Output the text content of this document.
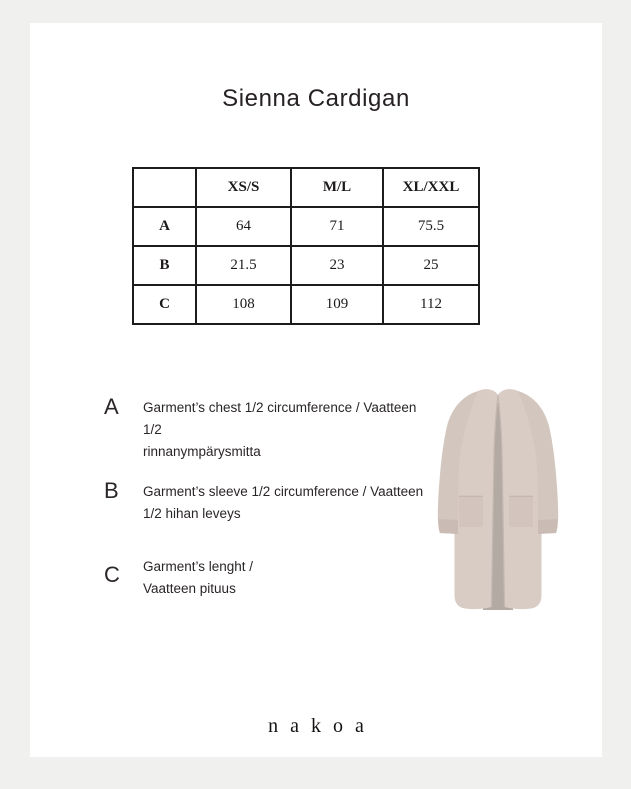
Sienna Cardigan
	XS/S	M/L	XL/XXL
A	64	71	75.5
B	21.5	23	25
C	108	109	112
A Garment’s chest 1/2 circumference / Vaatteen 1/2
rinnanympärysmitta
B Garment’s sleeve 1/2 circumference / Vaatteen
1/2 hihan leveys
C Garment’s lenght /
Vaatteen pituus
nakoa
